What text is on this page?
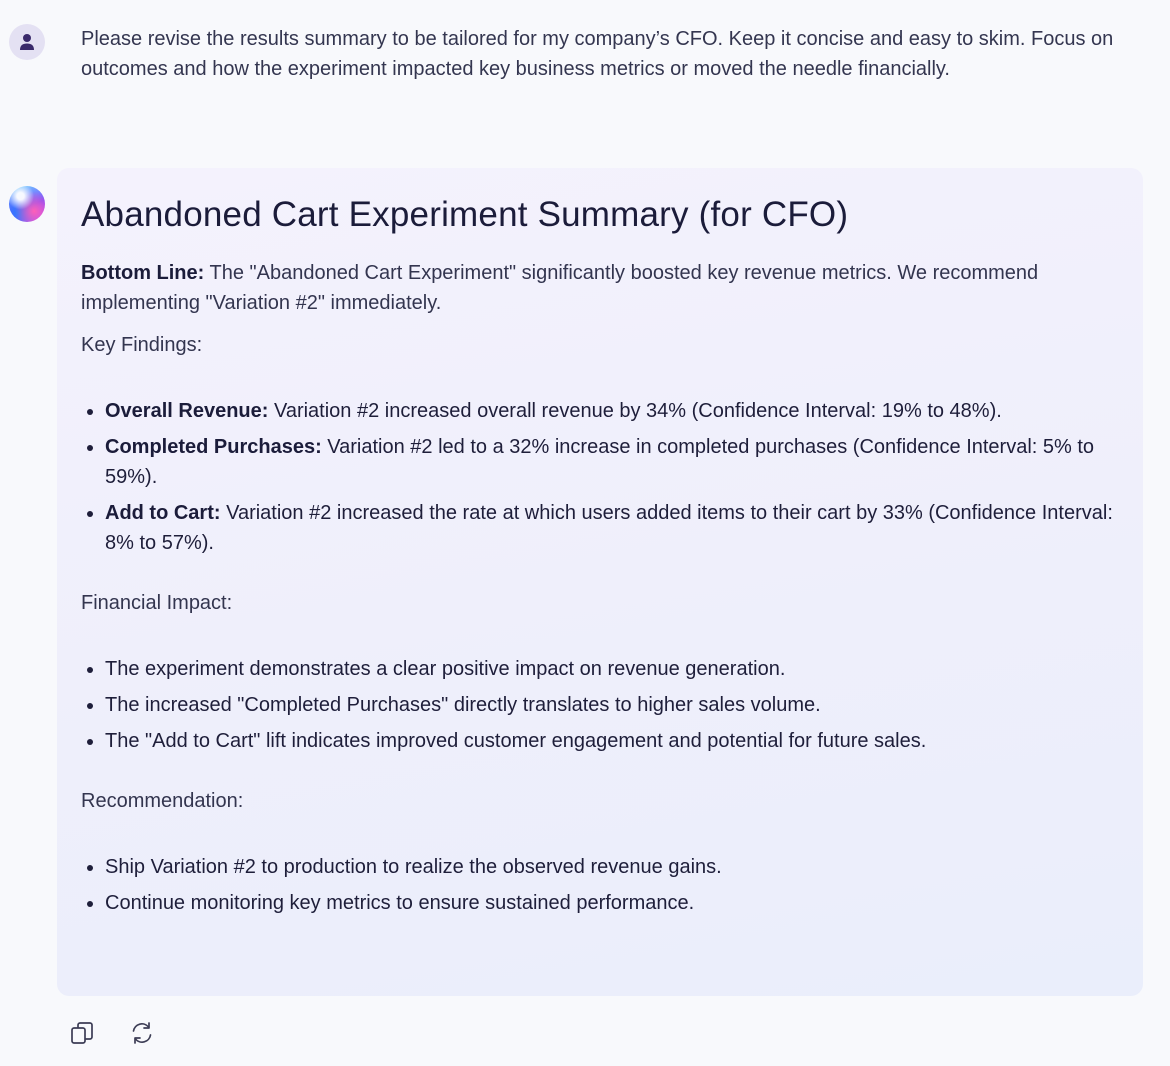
Please revise the results summary to be tailored for my company’s CFO. Keep it concise and easy to skim. Focus on outcomes and how the experiment impacted key business metrics or moved the needle financially.

Abandoned Cart Experiment Summary (for CFO)

Bottom Line: The "Abandoned Cart Experiment" significantly boosted key revenue metrics. We recommend implementing "Variation #2" immediately.

Key Findings:

• Overall Revenue: Variation #2 increased overall revenue by 34% (Confidence Interval: 19% to 48%).
• Completed Purchases: Variation #2 led to a 32% increase in completed purchases (Confidence Interval: 5% to 59%).
• Add to Cart: Variation #2 increased the rate at which users added items to their cart by 33% (Confidence Interval: 8% to 57%).

Financial Impact:

• The experiment demonstrates a clear positive impact on revenue generation.
• The increased "Completed Purchases" directly translates to higher sales volume.
• The "Add to Cart" lift indicates improved customer engagement and potential for future sales.

Recommendation:

• Ship Variation #2 to production to realize the observed revenue gains.
• Continue monitoring key metrics to ensure sustained performance.
